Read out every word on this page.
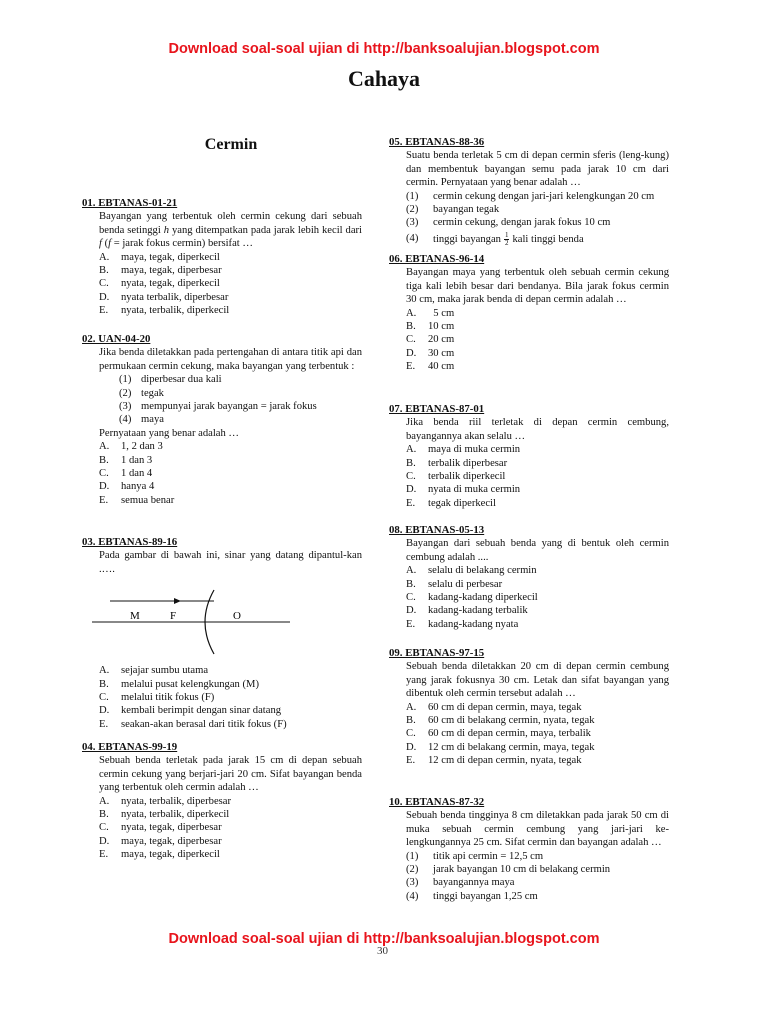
Download soal-soal ujian di http://banksoalujian.blogspot.com
Cahaya
Cermin
01. EBTANAS-01-21
Bayangan yang terbentuk oleh cermin cekung dari sebuah benda setinggi h yang ditempatkan pada jarak lebih kecil dari f (f = jarak fokus cermin) bersifat …
A.	maya, tegak, diperkecil
B.	maya, tegak, diperbesar
C.	nyata, tegak, diperkecil
D.	nyata terbalik, diperbesar
E.	nyata, terbalik, diperkecil
02. UAN-04-20
Jika benda diletakkan pada pertengahan di antara titik api dan permukaan cermin cekung, maka bayangan yang terbentuk :
(1) diperbesar dua kali
(2) tegak
(3) mempunyai jarak bayangan = jarak fokus
(4) maya
Pernyataan yang benar adalah …
A.	1, 2 dan 3
B.	1 dan 3
C.	1 dan 4
D.	hanya 4
E.	semua benar
03. EBTANAS-89-16
Pada gambar di bawah ini, sinar yang datang dipantul-kan .….
M	F	O
A.	sejajar sumbu utama
B.	melalui pusat kelengkungan (M)
C.	melalui titik fokus (F)
D.	kembali berimpit dengan sinar datang
E.	seakan-akan berasal dari titik fokus (F)
04. EBTANAS-99-19
Sebuah benda terletak pada jarak 15 cm di depan sebuah cermin cekung yang berjari-jari 20 cm. Sifat bayangan benda yang terbentuk oleh cermin adalah …
A.	nyata, terbalik, diperbesar
B.	nyata, terbalik, diperkecil
C.	nyata, tegak, diperbesar
D.	maya, tegak, diperbesar
E.	maya, tegak, diperkecil
05. EBTANAS-88-36
Suatu benda terletak 5 cm di depan cermin sferis (leng-kung) dan membentuk bayangan semu pada jarak 10 cm dari cermin. Pernyataan yang benar adalah …
(1)	cermin cekung dengan jari-jari kelengkungan 20 cm
(2)	bayangan tegak
(3)	cermin cekung, dengan jarak fokus 10 cm
(4)	tinggi bayangan $\frac{1}{2}$ kali tinggi benda
06. EBTANAS-96-14
Bayangan maya yang terbentuk oleh sebuah cermin cekung tiga kali lebih besar dari bendanya. Bila jarak fokus cermin 30 cm, maka jarak benda di depan cermin adalah …
A.	5 cm
B.	10 cm
C.	20 cm
D.	30 cm
E.	40 cm
07. EBTANAS-87-01
Jika benda riil terletak di depan cermin cembung, bayangannya akan selalu …
A.	maya di muka cermin
B.	terbalik diperbesar
C.	terbalik diperkecil
D.	nyata di muka cermin
E.	tegak diperkecil
08. EBTANAS-05-13
Bayangan dari sebuah benda yang di bentuk oleh cermin cembung adalah ....
A.	selalu di belakang cermin
B.	selalu di perbesar
C.	kadang-kadang diperkecil
D.	kadang-kadang terbalik
E.	kadang-kadang nyata
09. EBTANAS-97-15
Sebuah benda diletakkan 20 cm di depan cermin cembung yang jarak fokusnya 30 cm. Letak dan sifat bayangan yang dibentuk oleh cermin tersebut adalah …
A.	60 cm di depan cermin, maya, tegak
B.	60 cm di belakang cermin, nyata, tegak
C.	60 cm di depan cermin, maya, terbalik
D.	12 cm di belakang cermin, maya, tegak
E.	12 cm di depan cermin, nyata, tegak
10. EBTANAS-87-32
Sebuah benda tingginya 8 cm diletakkan pada jarak 50 cm di muka sebuah cermin cembung yang jari-jari ke-lengkungannya 25 cm. Sifat cermin dan bayangan adalah …
(1)	titik api cermin = 12,5 cm
(2)	jarak bayangan 10 cm di belakang cermin
(3)	bayangannya maya
(4)	tinggi bayangan 1,25 cm
30
Download soal-soal ujian di http://banksoalujian.blogspot.com
